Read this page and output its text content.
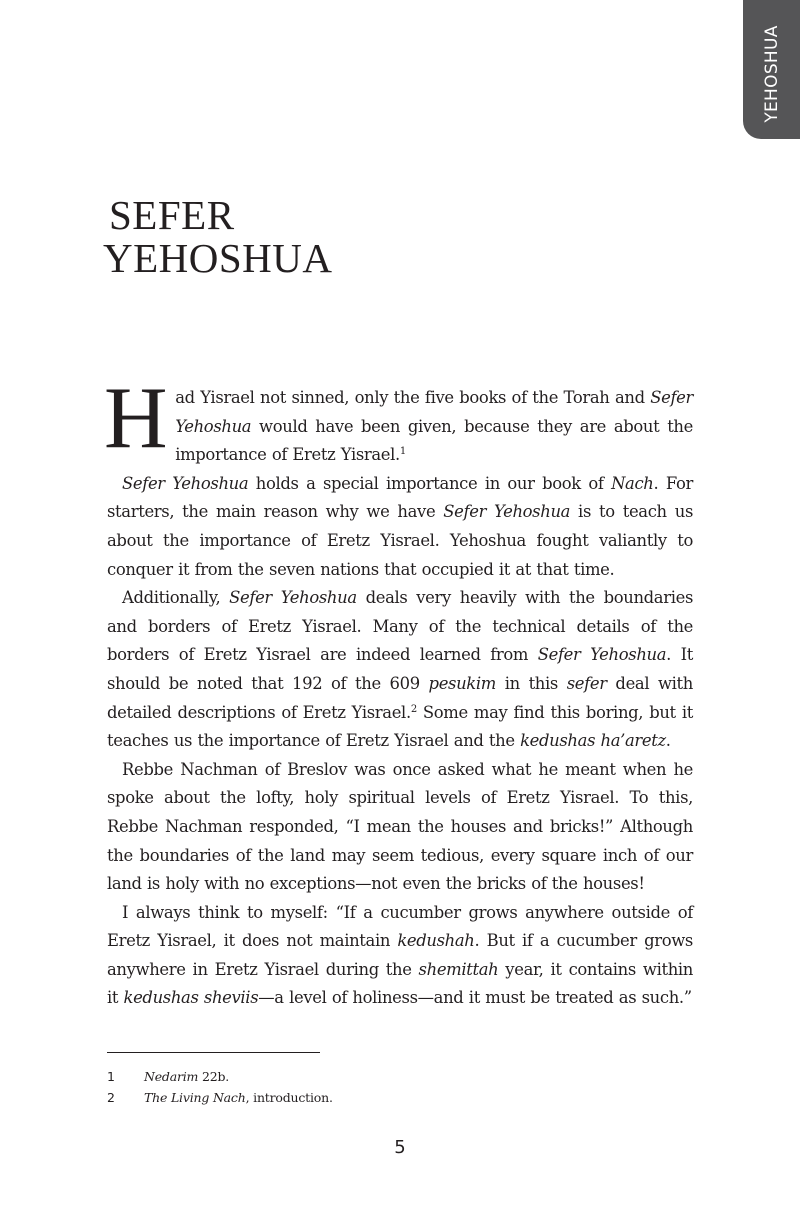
YEHOSHUA
SEFER
YEHOSHUA

Had Yisrael not sinned, only the five books of the Torah and Sefer Yehoshua would have been given, because they are about the importance of Eretz Yisrael.$^1$

Sefer Yehoshua holds a special importance in our book of Nach. For starters, the main reason why we have Sefer Yehoshua is to teach us about the importance of Eretz Yisrael. Yehoshua fought valiantly to conquer it from the seven nations that occupied it at that time.

Additionally, Sefer Yehoshua deals very heavily with the boundaries and borders of Eretz Yisrael. Many of the technical details of the borders of Eretz Yisrael are indeed learned from Sefer Yehoshua. It should be noted that 192 of the 609 pesukim in this sefer deal with detailed descriptions of Eretz Yisrael.$^2$ Some may find this boring, but it teaches us the importance of Eretz Yisrael and the kedushas ha’aretz.

Rebbe Nachman of Breslov was once asked what he meant when he spoke about the lofty, holy spiritual levels of Eretz Yisrael. To this, Rebbe Nachman responded, “I mean the houses and bricks!” Although the boundaries of the land may seem tedious, every square inch of our land is holy with no exceptions—not even the bricks of the houses!

I always think to myself: “If a cucumber grows anywhere outside of Eretz Yisrael, it does not maintain kedushah. But if a cucumber grows anywhere in Eretz Yisrael during the shemittah year, it contains within it kedushas sheviis—a level of holiness—and it must be treated as such.”

1	Nedarim 22b.
2	The Living Nach, introduction.
5
